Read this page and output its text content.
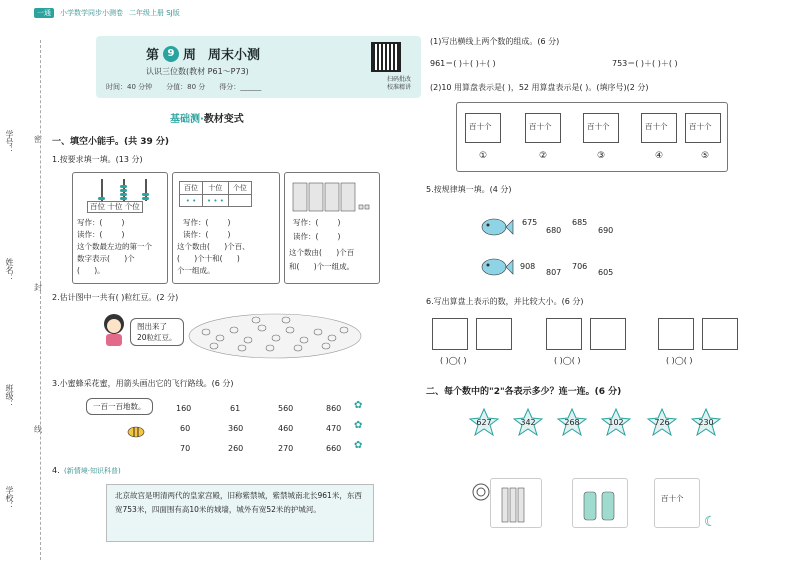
一通	小学数学同步小测卷 二年级上册 SJ版
学号：
姓名：
班级：
学校：
密
封
线
第 9 周 周末小测
认识三位数(教材 P61～P73)
时间：40 分钟 分值：80 分 得分：______
扫码批改
校准精讲
基础测·教材变式
一、填空小能手。(共 39 分)
1.按要求填一填。(13 分)
百位 十位 个位
写作：(        )
读作：(        )
这个数最左边的第一个
数字表示(      )个
(      )。
百位	十位	个位
• •	• • •	
写作：(        )
读作：(        )
这个数由(      )个百、
(      )个十和(      )
个一组成。
写作：(        )
读作：(        )
这个数由(      )个百
和(      )个一组成。
2.估计图中一共有( )粒红豆。(2 分)
图出来了
20粒红豆。
3.小蜜蜂采花蜜，用箭头画出它的飞行路线。(6 分)
一百一百地数。	160	61	560	860
60	360	460	470
70	260	270	660
✿
✿
✿
4. (新情境·知识科普)
北京故宫是明清两代的皇家宫殿，旧称紫禁城，紫禁城南北长961米，东西宽753米，四面围有高10米的城墙，城外有宽52米的护城河。
(1)写出横线上两个数的组成。(6 分)
961＝( )＋( )＋( )	753＝( )＋( )＋( )
(2)10 用算盘表示是( )，52 用算盘表示是( )。(填序号)(2 分)
百十个	百十个	百十个	百十个	百十个
①	②	③	④	⑤
5.按规律填一填。(4 分)
675
680
685
690
908
807
706
605
6.写出算盘上表示的数，并比较大小。(6 分)
( )◯( )	( )◯( )	( )◯( )
二、每个数中的"2"各表示多少？连一连。(6 分)
627	342	268	102	726	230
百十个
☾
